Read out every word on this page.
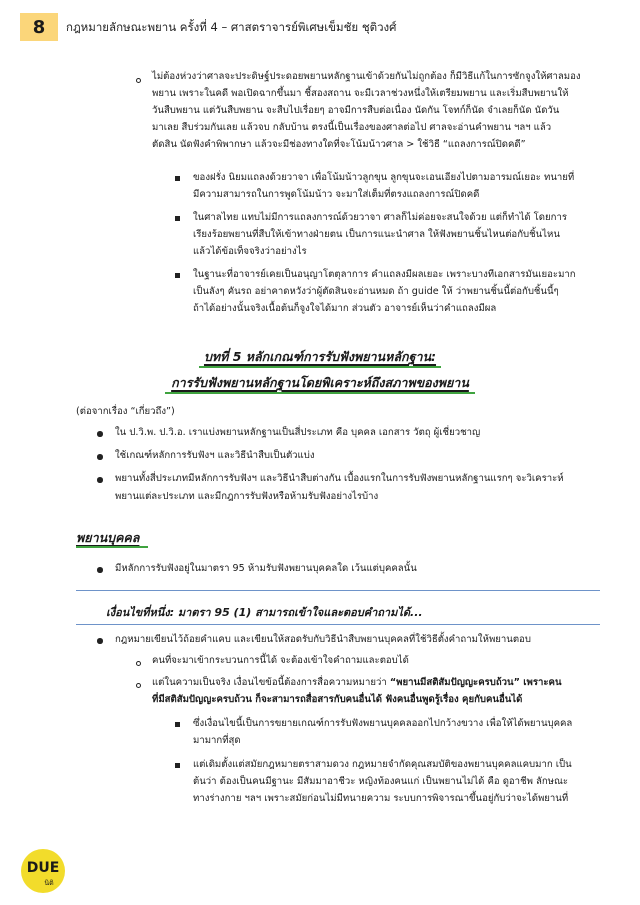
8	กฎหมายลักษณะพยาน ครั้งที่ 4 – ศาสตราจารย์พิเศษเข็มชัย ชุติวงศ์
ไม่ต้องห่วงว่าศาลจะประดิษฐ์ประดอยพยานหลักฐานเข้าด้วยกันไม่ถูกต้อง ก็มีวิธีแก้ในการซักจูงให้ศาลมอง
พยาน เพราะในคดี พอเปิดฉากขึ้นมา ชี้สองสถาน จะมีเวลาช่วงหนึ่งให้เตรียมพยาน และเริ่มสืบพยานให้
วันสืบพยาน แต่วันสืบพยาน จะสืบไปเรื่อยๆ อาจมีการสืบต่อเนื่อง นัดกัน โจทก์ก็นัด จำเลยก็นัด นัดวัน
มาเลย สืบร่วมกันเลย แล้วจบ กลับบ้าน ตรงนี้เป็นเรื่องของศาลต่อไป ศาลจะอ่านคำพยาน ฯลฯ แล้ว
ตัดสิน นัดฟังคำพิพากษา แล้วจะมีช่องทางใดที่จะโน้มน้าวศาล > ใช้วิธี “แถลงการณ์ปิดคดี”
ของฝรั่ง นิยมแถลงด้วยวาจา เพื่อโน้มน้าวลูกขุน ลูกขุนจะเอนเอียงไปตามอารมณ์เยอะ ทนายที่
มีความสามารถในการพูดโน้มน้าว จะมาใส่เต็มที่ตรงแถลงการณ์ปิดคดี
ในศาลไทย แทบไม่มีการแถลงการณ์ด้วยวาจา ศาลก็ไม่ค่อยจะสนใจด้วย แต่ก็ทำได้ โดยการ
เรียงร้อยพยานที่สืบให้เข้าทางฝ่ายตน เป็นการแนะนำศาล ให้ฟังพยานชิ้นไหนต่อกับชิ้นไหน
แล้วได้ข้อเท็จจริงว่าอย่างไร
ในฐานะที่อาจารย์เคยเป็นอนุญาโตตุลาการ คำแถลงมีผลเยอะ เพราะบางทีเอกสารมันเยอะมาก
เป็นลังๆ คันรถ อย่าคาดหวังว่าผู้ตัดสินจะอ่านหมด ถ้า guide ให้ ว่าพยานชิ้นนี้ต่อกับชิ้นนี้ๆ
ถ้าได้อย่างนั้นจริงเนื้อต้นก็จูงใจได้มาก ส่วนตัว อาจารย์เห็นว่าคำแถลงมีผล
บทที่ 5 หลักเกณฑ์การรับฟังพยานหลักฐาน:
การรับฟังพยานหลักฐานโดยพิเคราะห์ถึงสภาพของพยาน
(ต่อจากเรื่อง “เกี่ยวถึง”)
ใน ป.วิ.พ. ป.วิ.อ. เราแบ่งพยานหลักฐานเป็นสี่ประเภท คือ บุคคล เอกสาร วัตถุ ผู้เชี่ยวชาญ
ใช้เกณฑ์หลักการรับฟังฯ และวิธีนำสืบเป็นตัวแบ่ง
พยานทั้งสี่ประเภทมีหลักการรับฟังฯ และวิธีนำสืบต่างกัน เบื้องแรกในการรับฟังพยานหลักฐานแรกๆ จะวิเคราะห์
พยานแต่ละประเภท และมีกฎการรับฟังหรือห้ามรับฟังอย่างไรบ้าง
พยานบุคคล
มีหลักการรับฟังอยู่ในมาตรา 95 ห้ามรับฟังพยานบุคคลใด เว้นแต่บุคคลนั้น
เงื่อนไขที่หนึ่ง: มาตรา 95 (1) สามารถเข้าใจและตอบคำถามได้...
กฎหมายเขียนไว้ถ้อยคำแคบ และเขียนให้สอดรับกับวิธีนำสืบพยานบุคคลที่ใช้วิธีตั้งคำถามให้พยานตอบ
คนที่จะมาเข้ากระบวนการนี้ได้ จะต้องเข้าใจคำถามและตอบได้
แต่ในความเป็นจริง เงื่อนไขข้อนี้ต้องการสื่อความหมายว่า “พยานมีสติสัมปัญญะครบถ้วน” เพราะคน
ที่มีสติสัมปัญญะครบถ้วน ก็จะสามารถสื่อสารกับคนอื่นได้ ฟังคนอื่นพูดรู้เรื่อง คุยกับคนอื่นได้
ซึ่งเงื่อนไขนี้เป็นการขยายเกณฑ์การรับฟังพยานบุคคลออกไปกว้างขวาง เพื่อให้ได้พยานบุคคล
มามากที่สุด
แต่เดิมตั้งแต่สมัยกฎหมายตราสามดวง กฎหมายจำกัดคุณสมบัติของพยานบุคคลแคบมาก เป็น
ต้นว่า ต้องเป็นคนมีฐานะ มีสัมมาอาชีวะ หญิงท้องคนแก่ เป็นพยานไม่ได้ คือ ดูอาชีพ ลักษณะ
ทางร่างกาย ฯลฯ เพราะสมัยก่อนไม่มีทนายความ ระบบการพิจารณาขึ้นอยู่กับว่าจะได้พยานที่
DUE
นิติ
